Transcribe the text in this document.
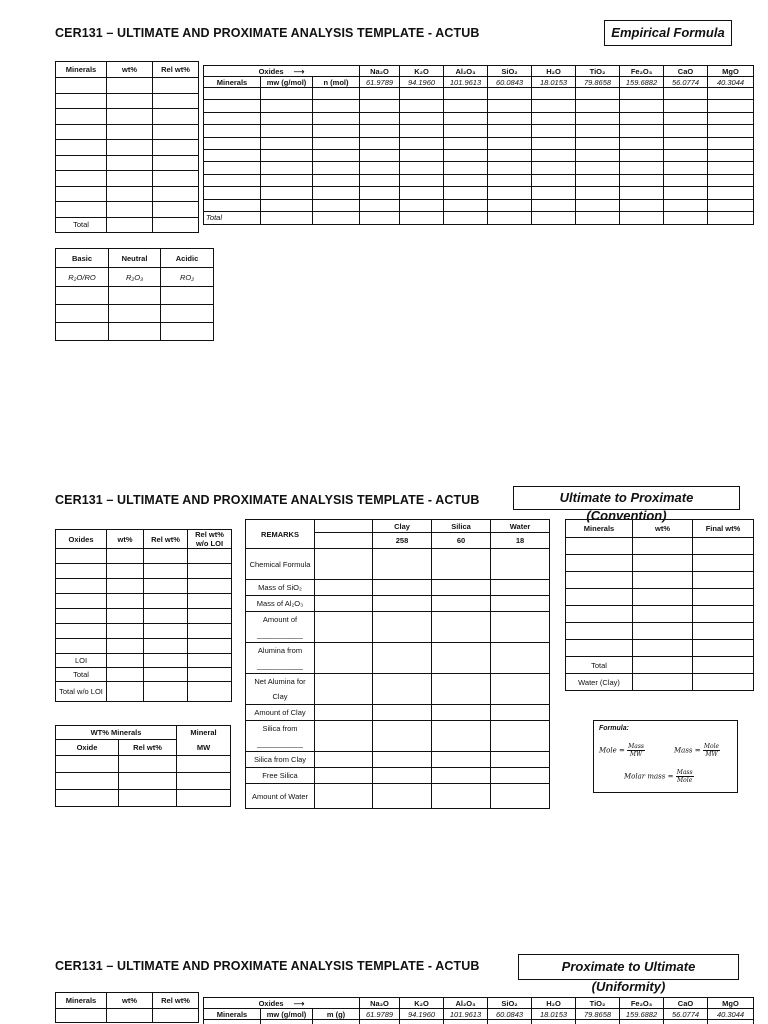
CER131 – ULTIMATE AND PROXIMATE ANALYSIS TEMPLATE - ACTUB	Empirical Formula
Minerals	wt%	Rel wt%

Total		
Oxides ⟶			Na₂O	K₂O	Al₂O₃	SiO₂	H₂O	TiO₂	Fe₂O₃	CaO	MgO
Minerals	mw (g/mol)	n (mol)	61.9789	94.1960	101.9613	60.0843	18.0153	79.8658	159.6882	56.0774	40.3044

Total											
Basic	Neutral	Acidic
R₂O/RO	R₂O₃	RO₂

CER131 – ULTIMATE AND PROXIMATE ANALYSIS TEMPLATE - ACTUB	Ultimate to Proximate (Convention)
Oxides	wt%	Rel wt%	Rel wt% w/o LOI

LOI			
Total			
Total w/o LOI			
REMARKS		Clay	Silica	Water
		258	60	18
Chemical Formula				
Mass of SiO₂				
Mass of Al₂O₃				
Amount of ___________				
Alumina from ___________				
Net Alumina for Clay				
Amount of Clay				
Silica from ___________				
Silica from Clay				
Free Silica				
Amount of Water				
Minerals	wt%	Final wt%

Total		
Water (Clay)		
WT% Minerals		Mineral
Oxide	Rel wt%	MW

Formula:
Mole = $\frac{\text{Mass}}{MW}$	Mass = $\frac{\text{Mole}}{MW}$
Molar mass = $\frac{\text{Mass}}{\text{Mole}}$
CER131 – ULTIMATE AND PROXIMATE ANALYSIS TEMPLATE - ACTUB	Proximate to Ultimate (Uniformity)
Minerals	wt%	Rel wt%
			Oxides ⟶			Na₂O	K₂O	Al₂O₃	SiO₂	H₂O	TiO₂	Fe₂O₃	CaO	MgO
Minerals	mw (g/mol)	m (g)	61.9789	94.1960	101.9613	60.0843	18.0153	79.8658	159.6882	56.0774	40.3044
